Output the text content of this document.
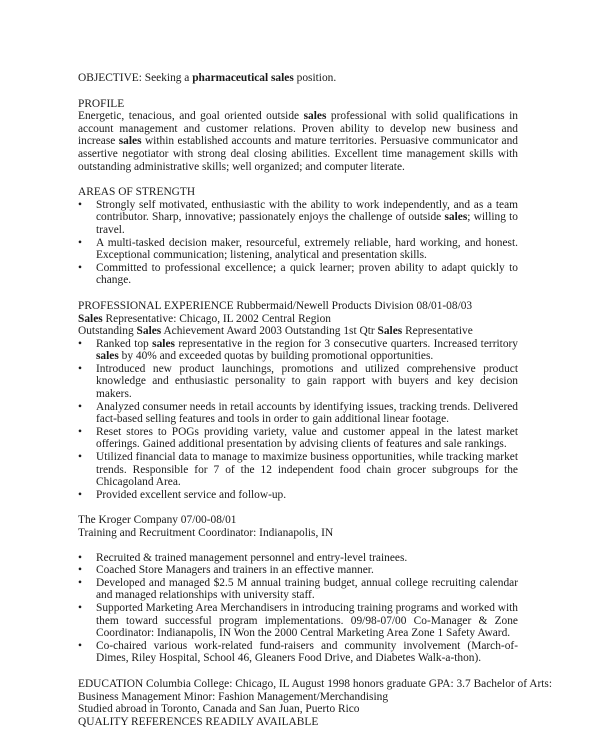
OBJECTIVE: Seeking a pharmaceutical sales position.
PROFILE
Energetic, tenacious, and goal oriented outside sales professional with solid qualifications in account management and customer relations. Proven ability to develop new business and increase sales within established accounts and mature territories. Persuasive communicator and assertive negotiator with strong deal closing abilities. Excellent time management skills with outstanding administrative skills; well organized; and computer literate.
AREAS OF STRENGTH
•	Strongly self motivated, enthusiastic with the ability to work independently, and as a team contributor. Sharp, innovative; passionately enjoys the challenge of outside sales; willing to travel.
•	A multi-tasked decision maker, resourceful, extremely reliable, hard working, and honest. Exceptional communication; listening, analytical and presentation skills.
•	Committed to professional excellence; a quick learner; proven ability to adapt quickly to change.
PROFESSIONAL EXPERIENCE Rubbermaid/Newell Products Division 08/01-08/03
Sales Representative: Chicago, IL 2002 Central Region
Outstanding Sales Achievement Award 2003 Outstanding 1st Qtr Sales Representative
•	Ranked top sales representative in the region for 3 consecutive quarters. Increased territory sales by 40% and exceeded quotas by building promotional opportunities.
•	Introduced new product launchings, promotions and utilized comprehensive product knowledge and enthusiastic personality to gain rapport with buyers and key decision makers.
•	Analyzed consumer needs in retail accounts by identifying issues, tracking trends. Delivered fact-based selling features and tools in order to gain additional linear footage.
•	Reset stores to POGs providing variety, value and customer appeal in the latest market offerings. Gained additional presentation by advising clients of features and sale rankings.
•	Utilized financial data to manage to maximize business opportunities, while tracking market trends. Responsible for 7 of the 12 independent food chain grocer subgroups for the Chicagoland Area.
•	Provided excellent service and follow-up.
The Kroger Company 07/00-08/01
Training and Recruitment Coordinator: Indianapolis, IN
•	Recruited & trained management personnel and entry-level trainees.
•	Coached Store Managers and trainers in an effective manner.
•	Developed and managed $2.5 M annual training budget, annual college recruiting calendar and managed relationships with university staff.
•	Supported Marketing Area Merchandisers in introducing training programs and worked with them toward successful program implementations. 09/98-07/00 Co-Manager & Zone Coordinator: Indianapolis, IN Won the 2000 Central Marketing Area Zone 1 Safety Award.
•	Co-chaired various work-related fund-raisers and community involvement (March-of-Dimes, Riley Hospital, School 46, Gleaners Food Drive, and Diabetes Walk-a-thon).
EDUCATION Columbia College: Chicago, IL August 1998 honors graduate GPA: 3.7 Bachelor of Arts:
Business Management Minor: Fashion Management/Merchandising
Studied abroad in Toronto, Canada and San Juan, Puerto Rico
QUALITY REFERENCES READILY AVAILABLE
